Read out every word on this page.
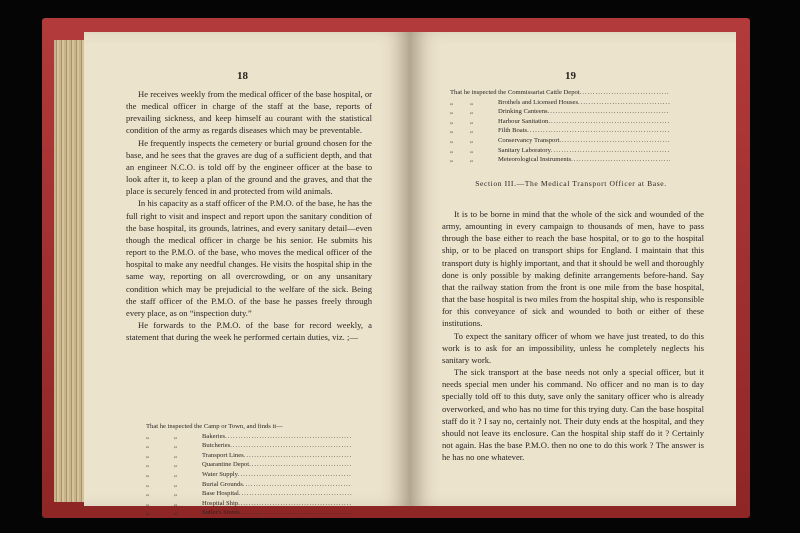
18

He receives weekly from the medical officer of the base hospital, or the medical officer in charge of the staff at the base, reports of prevailing sickness, and keep himself au courant with the statistical condition of the army as regards diseases which may be preventable.

He frequently inspects the cemetery or burial ground chosen for the base, and he sees that the graves are dug of a sufficient depth, and that an engineer N.C.O. is told off by the engineer officer at the base to look after it, to keep a plan of the ground and the graves, and that the place is securely fenced in and protected from wild animals.

In his capacity as a staff officer of the P.M.O. of the base, he has the full right to visit and inspect and report upon the sanitary condition of the base hospital, its grounds, latrines, and every sanitary detail—even though the medical officer in charge be his senior. He submits his report to the P.M.O. of the base, who moves the medical officer of the hospital to make any needful changes. He visits the hospital ship in the same way, reporting on all overcrowding, or on any unsanitary condition which may be prejudicial to the welfare of the sick. Being the staff officer of the P.M.O. of the base he passes freely through every place, as on “inspection duty.”

He forwards to the P.M.O. of the base for record weekly, a statement that during the week he performed certain duties, viz. ;—

That he inspected the Camp or Town, and finds it—
„	„	Bakeries
.....
„	„	Butcheries
.....
„	„	Transport Lines
.....
„	„	Quarantine Depot
.....
„	„	Water Supply
.....
„	„	Burial Grounds
.....
„	„	Base Hospital
.....
„	„	Hospital Ship
.....
„	„	Sutler's Stores
.....
19
That he inspected the Commissariat Cattle Depot
.....
„	„	Brothels and Licensed Houses
.....
„	„	Drinking Canteens
.....
„	„	Harbour Sanitation
.....
„	„	Filth Boats
.....
„	„	Conservancy Transport
.....
„	„	Sanitary Laboratory
.....
„	„	Meteorological Instruments
.....
Section III.—The Medical Transport Officer at Base.

It is to be borne in mind that the whole of the sick and wounded of the army, amounting in every campaign to thousands of men, have to pass through the base either to reach the base hospital, or to go to the hospital ship, or to be placed on transport ships for England. I maintain that this transport duty is highly important, and that it should be well and thoroughly done is only possible by making definite arrangements before-hand. Say that the railway station from the front is one mile from the base hospital, that the base hospital is two miles from the hospital ship, who is responsible for this conveyance of sick and wounded to both or either of these institutions.

To expect the sanitary officer of whom we have just treated, to do this work is to ask for an impossibility, unless he completely neglects his sanitary work.

The sick transport at the base needs not only a special officer, but it needs special men under his command. No officer and no man is to day specially told off to this duty, save only the sanitary officer who is already overworked, and who has no time for this trying duty. Can the base hospital staff do it ? I say no, certainly not. Their duty ends at the hospital, and they should not leave its enclosure. Can the hospital ship staff do it ? Certainly not again. Has the base P.M.O. then no one to do this work ? The answer is he has no one whatever.
